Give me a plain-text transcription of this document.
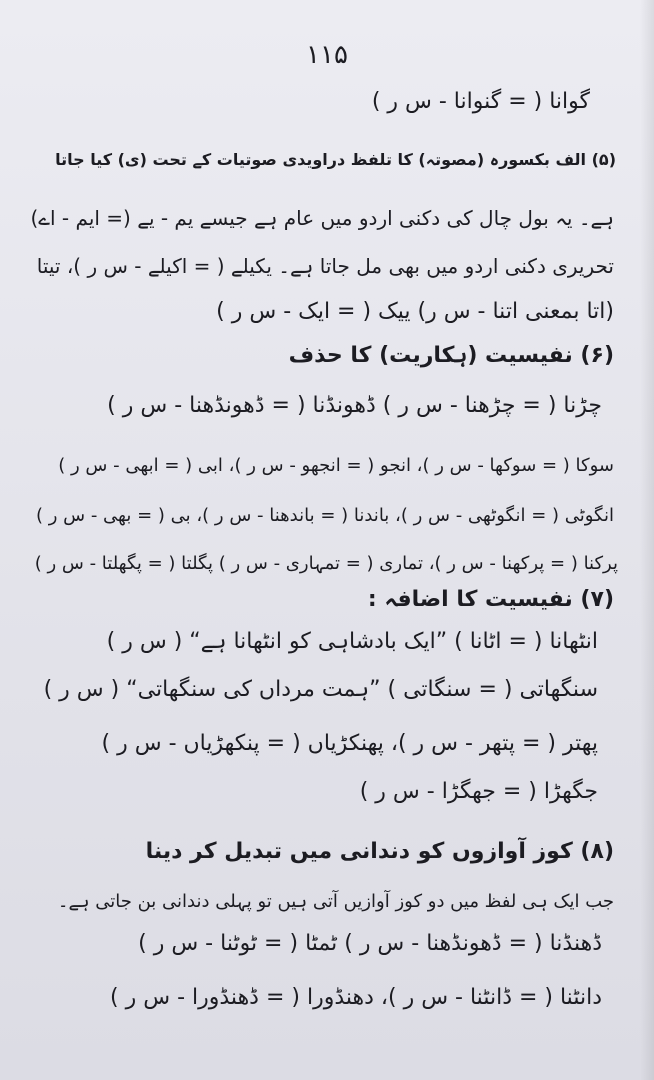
۱۱۵
گوانا ( = گنوانا - س ر )
(۵) الف بکسورہ (مصوتہ) کا تلفظ دراویدی صوتیات کے تحت (ی) کیا جاتا
ہے۔ یہ بول چال کی دکنی اردو میں عام ہے جیسے یم - یے (= ایم - اے)
تحریری دکنی اردو میں بھی مل جاتا ہے۔ یکیلے ( = اکیلے - س ر )، تیتا
(اتا بمعنی اتنا - س ر) ییک ( = ایک - س ر )
(۶) نفیسیت (ہکاریت) کا حذف
چڑنا ( = چڑھنا - س ر ) ڈھونڈنا ( = ڈھونڈھنا - س ر )
سوکا ( = سوکھا - س ر )، انجو ( = انجھو - س ر )، ابی ( = ابھی - س ر )
انگوٹی ( = انگوٹھی - س ر )، باندنا ( = باندھنا - س ر )، بی ( = بھی - س ر )
پرکنا ( = پرکھنا - س ر )، تماری ( = تمہاری - س ر ) پگلتا ( = پگھلتا - س ر )
(۷) نفیسیت کا اضافہ :
انٹھانا ( = اٹانا ) ”ایک بادشاہی کو انٹھانا ہے“ ( س ر )
سنگھاتی ( = سنگاتی ) ”ہمت مرداں کی سنگھاتی“ ( س ر )
پھتر ( = پتھر - س ر )، پھنکڑیاں ( = پنکھڑیاں - س ر )
جگھڑا ( = جھگڑا - س ر )
(۸) کوز آوازوں کو دندانی میں تبدیل کر دینا
جب ایک ہی لفظ میں دو کوز آوازیں آتی ہیں تو پہلی دندانی بن جاتی ہے۔
ڈھنڈنا ( = ڈھونڈھنا - س ر ) ٹمٹا ( = ٹوٹنا - س ر )
دانٹنا ( = ڈانٹنا - س ر )، دھنڈورا ( = ڈھنڈورا - س ر )
